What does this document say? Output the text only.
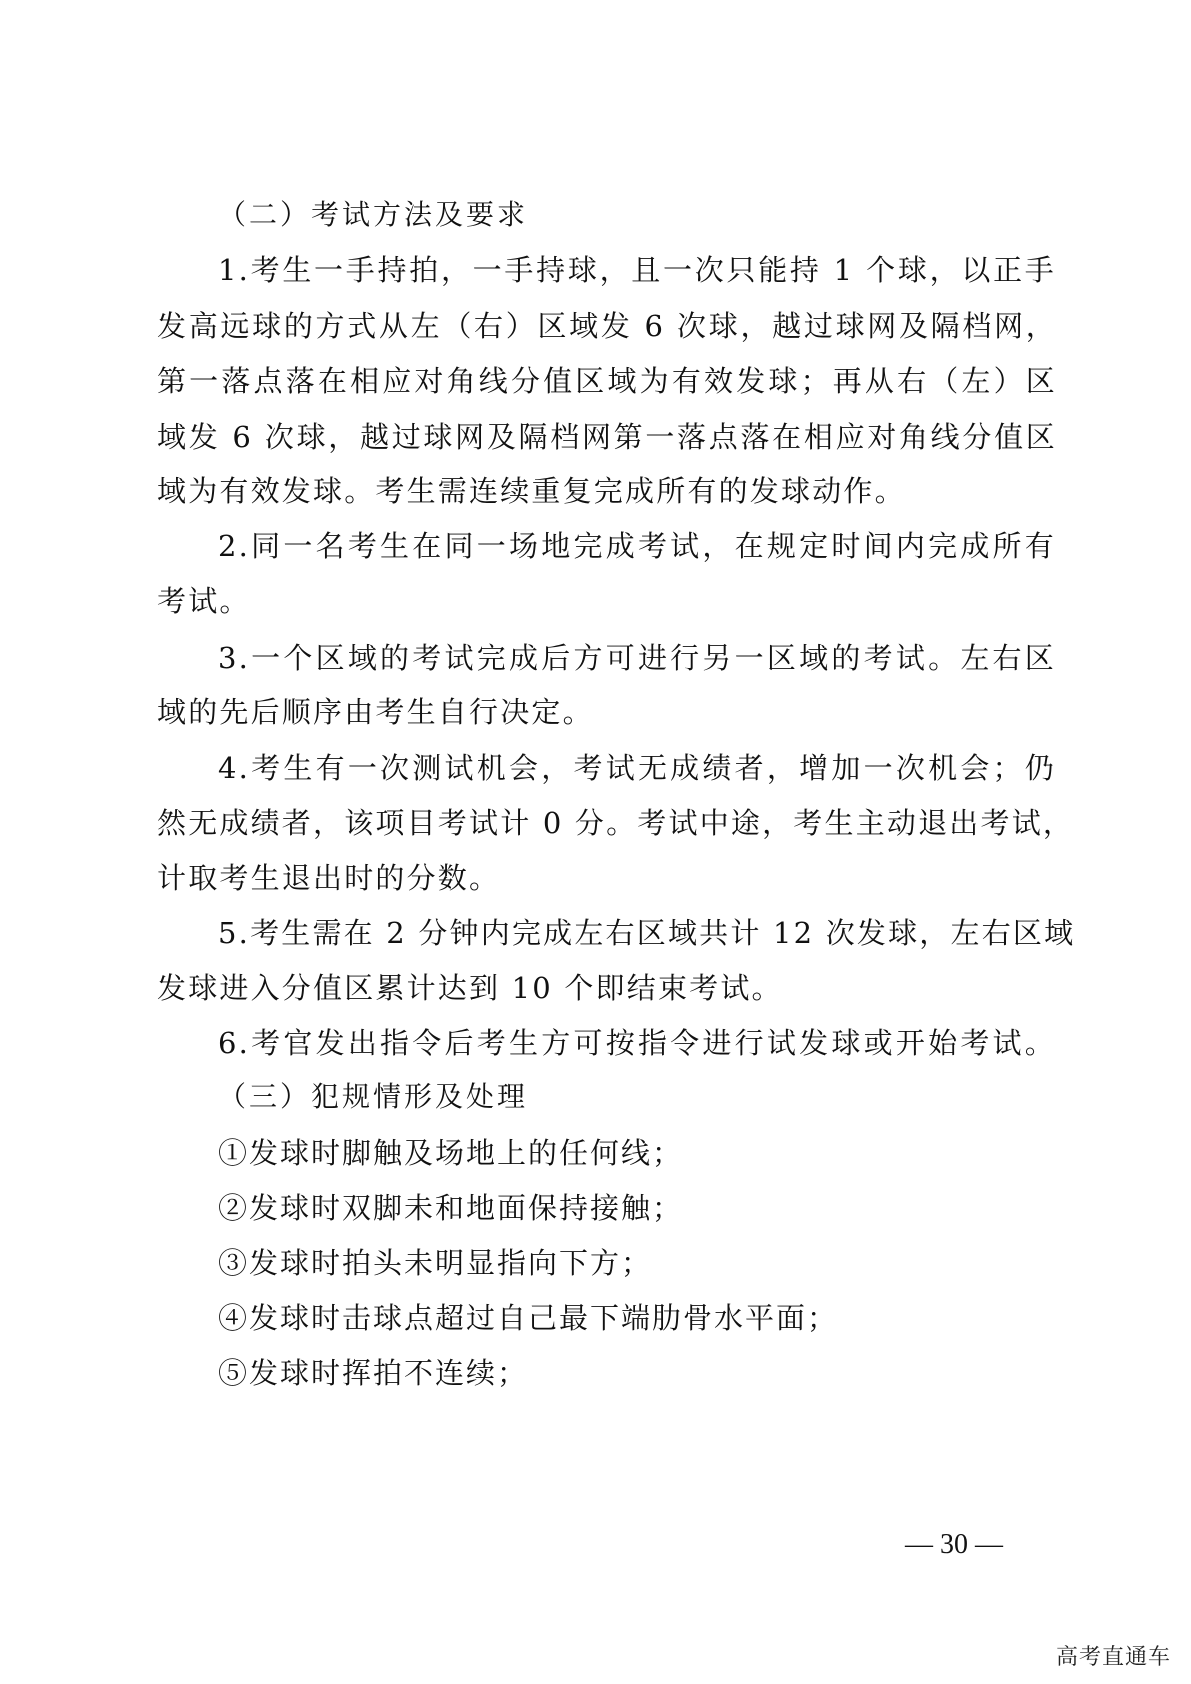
（二）考试方法及要求
1.考生一手持拍，一手持球，且一次只能持 1 个球，以正手
发高远球的方式从左（右）区域发 6 次球，越过球网及隔档网，
第一落点落在相应对角线分值区域为有效发球；再从右（左）区
域发 6 次球，越过球网及隔档网第一落点落在相应对角线分值区
域为有效发球。考生需连续重复完成所有的发球动作。
2.同一名考生在同一场地完成考试，在规定时间内完成所有
考试。
3.一个区域的考试完成后方可进行另一区域的考试。左右区
域的先后顺序由考生自行决定。
4.考生有一次测试机会，考试无成绩者，增加一次机会；仍
然无成绩者，该项目考试计 0 分。考试中途，考生主动退出考试，
计取考生退出时的分数。
5.考生需在 2 分钟内完成左右区域共计 12 次发球，左右区域
发球进入分值区累计达到 10 个即结束考试。
6.考官发出指令后考生方可按指令进行试发球或开始考试。
（三）犯规情形及处理
①发球时脚触及场地上的任何线；
②发球时双脚未和地面保持接触；
③发球时拍头未明显指向下方；
④发球时击球点超过自己最下端肋骨水平面；
⑤发球时挥拍不连续；
— 30 —
高考直通车
